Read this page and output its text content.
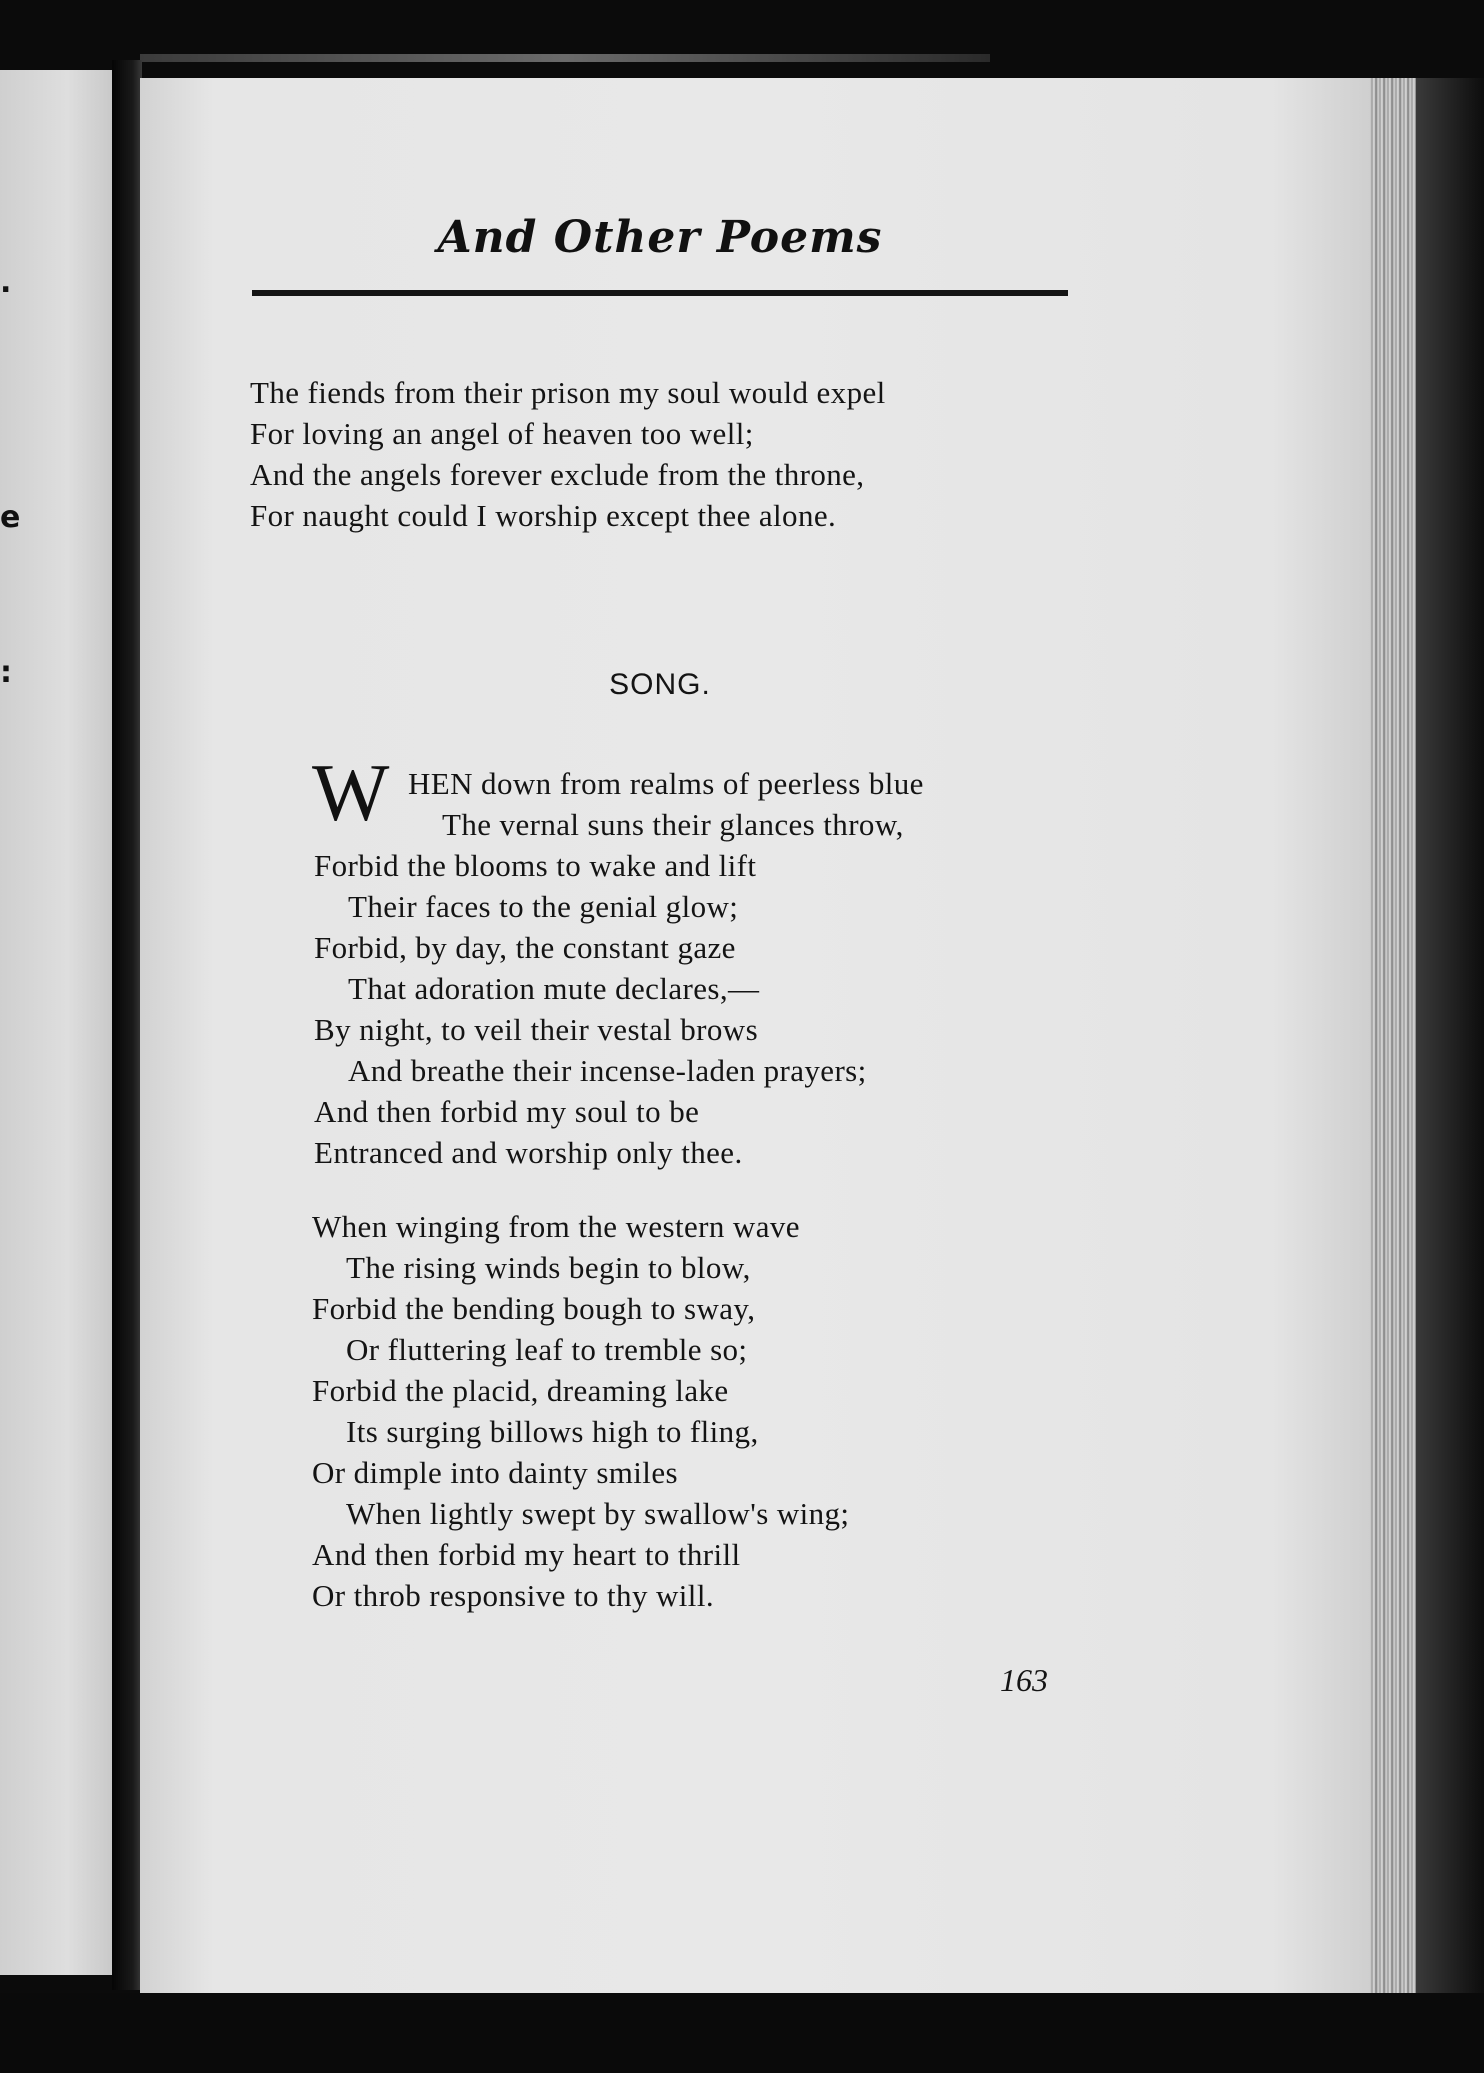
.
e
:
And Other Poems
The fiends from their prison my soul would expel
For loving an angel of heaven too well;
And the angels forever exclude from the throne,
For naught could I worship except thee alone.
SONG.
W HEN down from realms of peerless blue
The vernal suns their glances throw,
Forbid the blooms to wake and lift
Their faces to the genial glow;
Forbid, by day, the constant gaze
That adoration mute declares,—
By night, to veil their vestal brows
And breathe their incense-laden prayers;
And then forbid my soul to be
Entranced and worship only thee.
When winging from the western wave
The rising winds begin to blow,
Forbid the bending bough to sway,
Or fluttering leaf to tremble so;
Forbid the placid, dreaming lake
Its surging billows high to fling,
Or dimple into dainty smiles
When lightly swept by swallow's wing;
And then forbid my heart to thrill
Or throb responsive to thy will.
163
